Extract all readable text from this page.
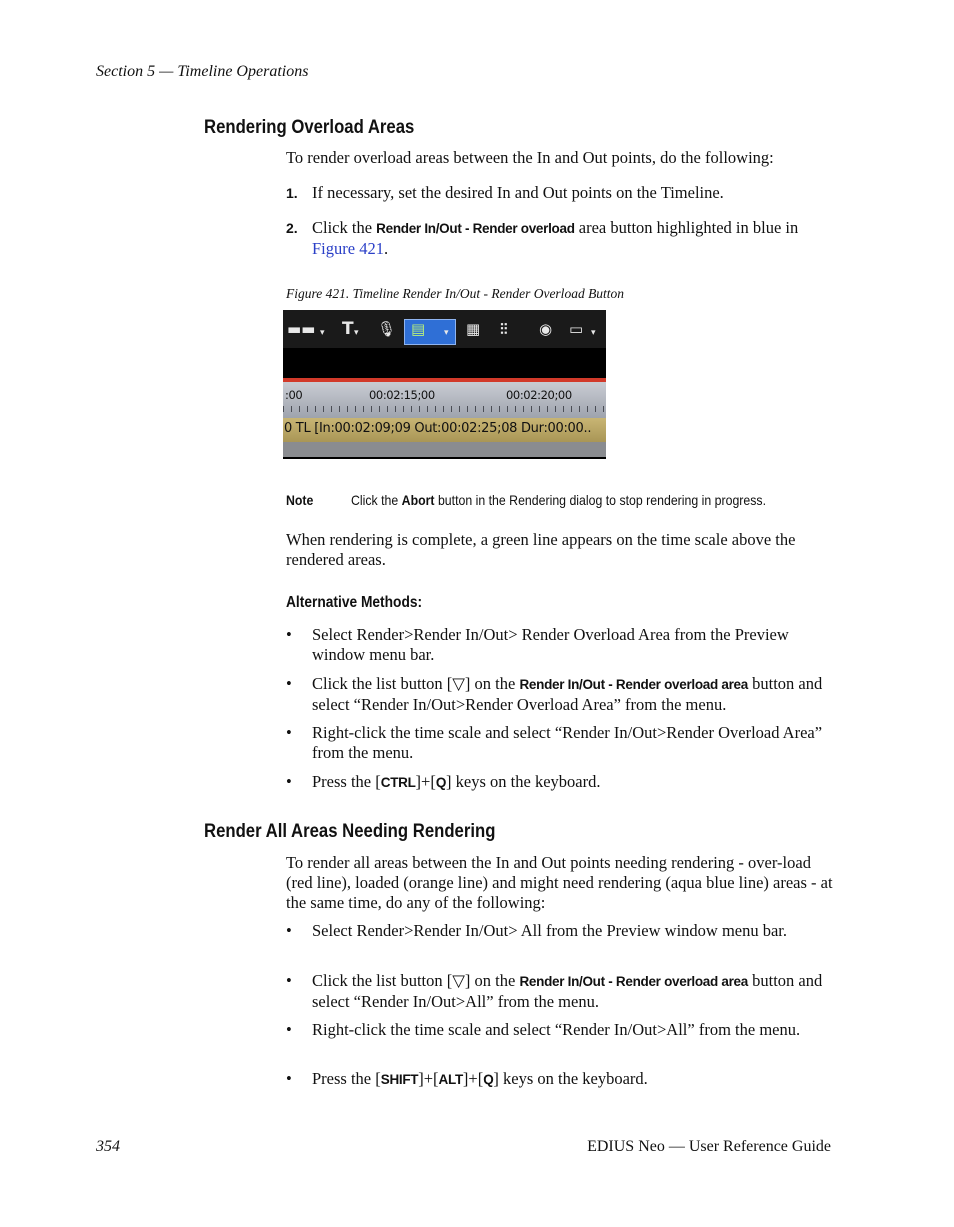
Section 5 — Timeline Operations
Rendering Overload Areas
To render overload areas between the In and Out points, do the following:
1. If necessary, set the desired In and Out points on the Timeline.
2. Click the Render In/Out - Render overload area button highlighted in blue in Figure 421.
Figure 421. Timeline Render In/Out - Render Overload Button
▬▬ ▾ T ▾ 🎙 ▤ ▾ ▦ ⫶⫶ ◉ ▭ ▾
:00	00:02:15;00	00:02:20;00
0 TL [In:00:02:09;09 Out:00:02:25;08 Dur:00:00..
Note	Click the Abort button in the Rendering dialog to stop rendering in progress.
When rendering is complete, a green line appears on the time scale above the rendered areas.
Alternative Methods:
•	Select Render>Render In/Out> Render Overload Area from the Preview window menu bar.
•	Click the list button [▽] on the Render In/Out - Render overload area button and select “Render In/Out>Render Overload Area” from the menu.
•	Right-click the time scale and select “Render In/Out>Render Overload Area” from the menu.
•	Press the [CTRL]+[Q] keys on the keyboard.
Render All Areas Needing Rendering
To render all areas between the In and Out points needing rendering - over-load (red line), loaded (orange line) and might need rendering (aqua blue line) areas - at the same time, do any of the following:
•	Select Render>Render In/Out> All from the Preview window menu bar.
•	Click the list button [▽] on the Render In/Out - Render overload area button and select “Render In/Out>All” from the menu.
•	Right-click the time scale and select “Render In/Out>All” from the menu.
•	Press the [SHIFT]+[ALT]+[Q] keys on the keyboard.
354	EDIUS Neo — User Reference Guide
